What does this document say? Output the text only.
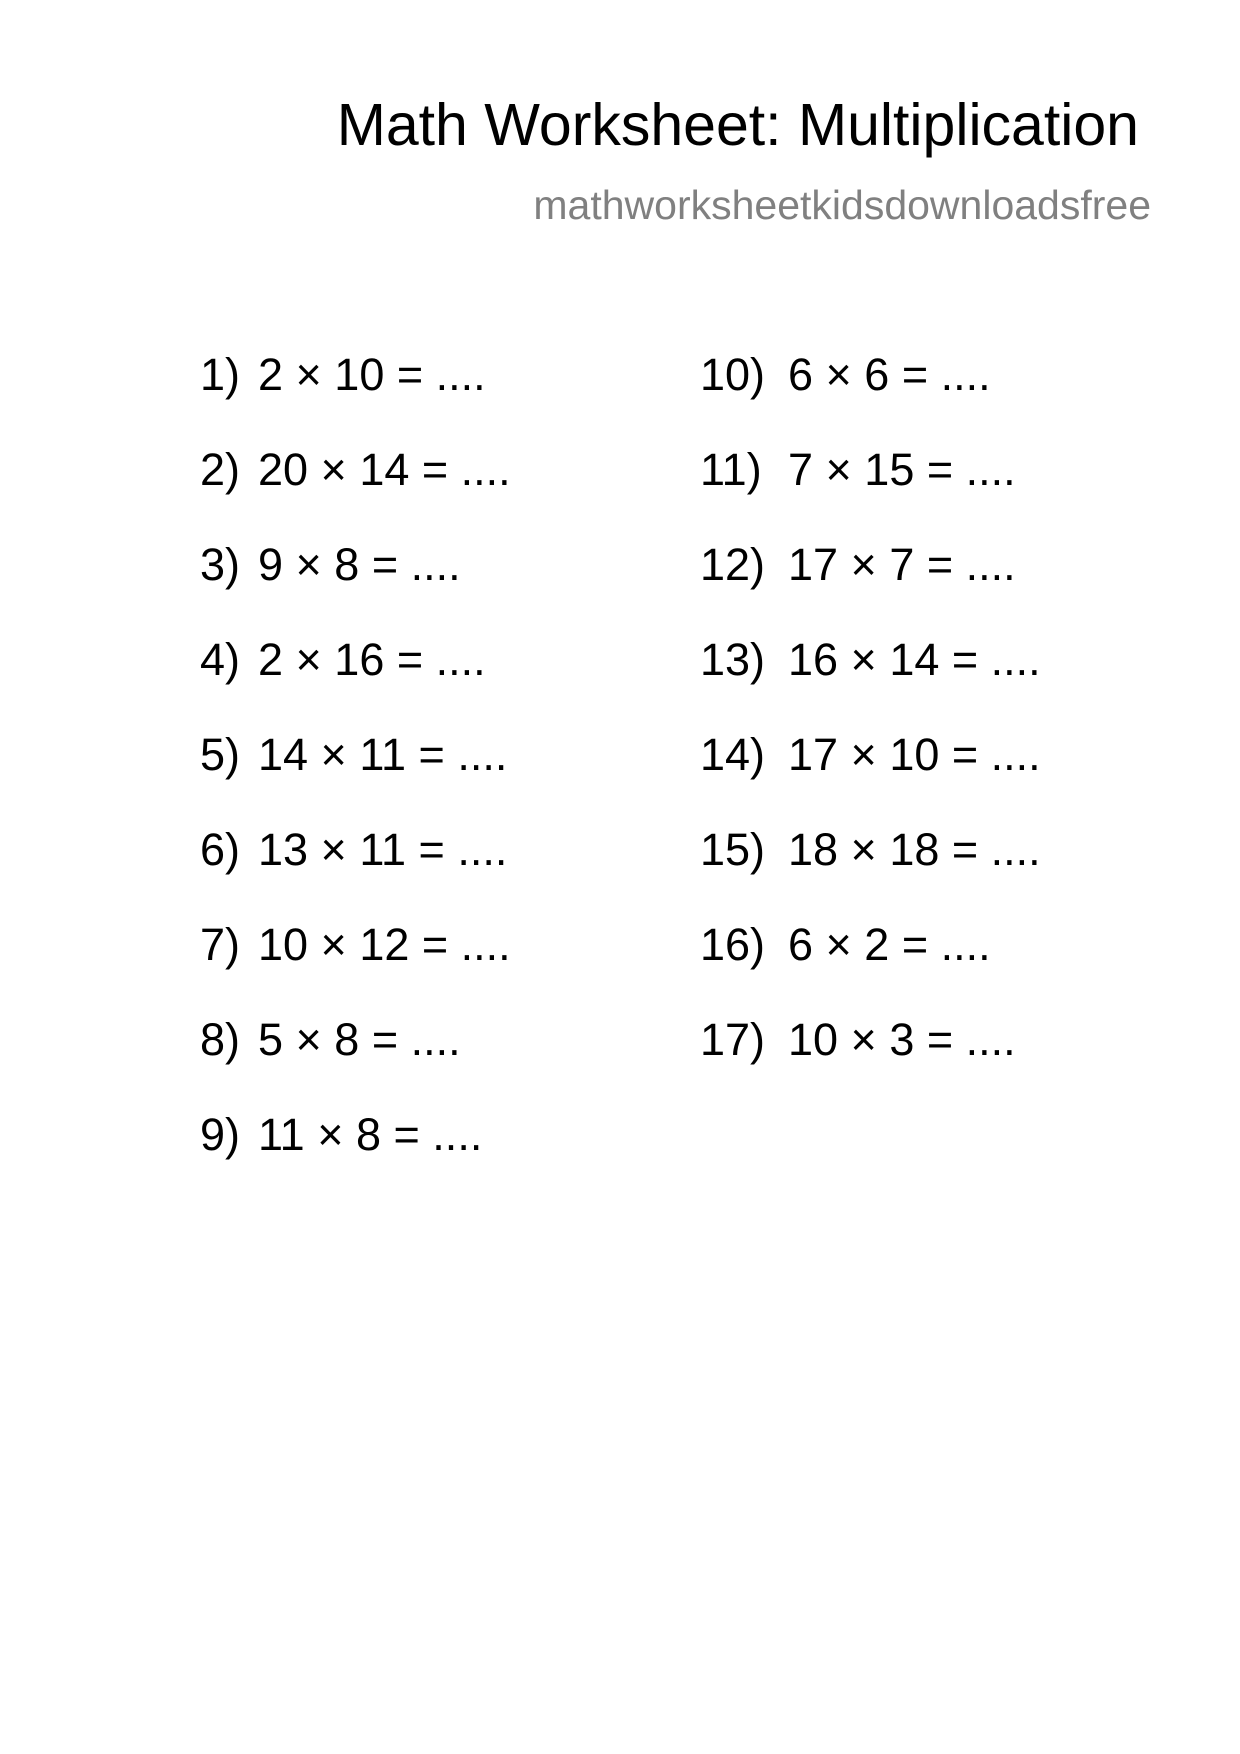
Math Worksheet: Multiplication
mathworksheetkidsdownloadsfree
1) 2 × 10 = ....
2) 20 × 14 = ....
3) 9 × 8 = ....
4) 2 × 16 = ....
5) 14 × 11 = ....
6) 13 × 11 = ....
7) 10 × 12 = ....
8) 5 × 8 = ....
9) 11 × 8 = ....
10) 6 × 6 = ....
11) 7 × 15 = ....
12) 17 × 7 = ....
13) 16 × 14 = ....
14) 17 × 10 = ....
15) 18 × 18 = ....
16) 6 × 2 = ....
17) 10 × 3 = ....
